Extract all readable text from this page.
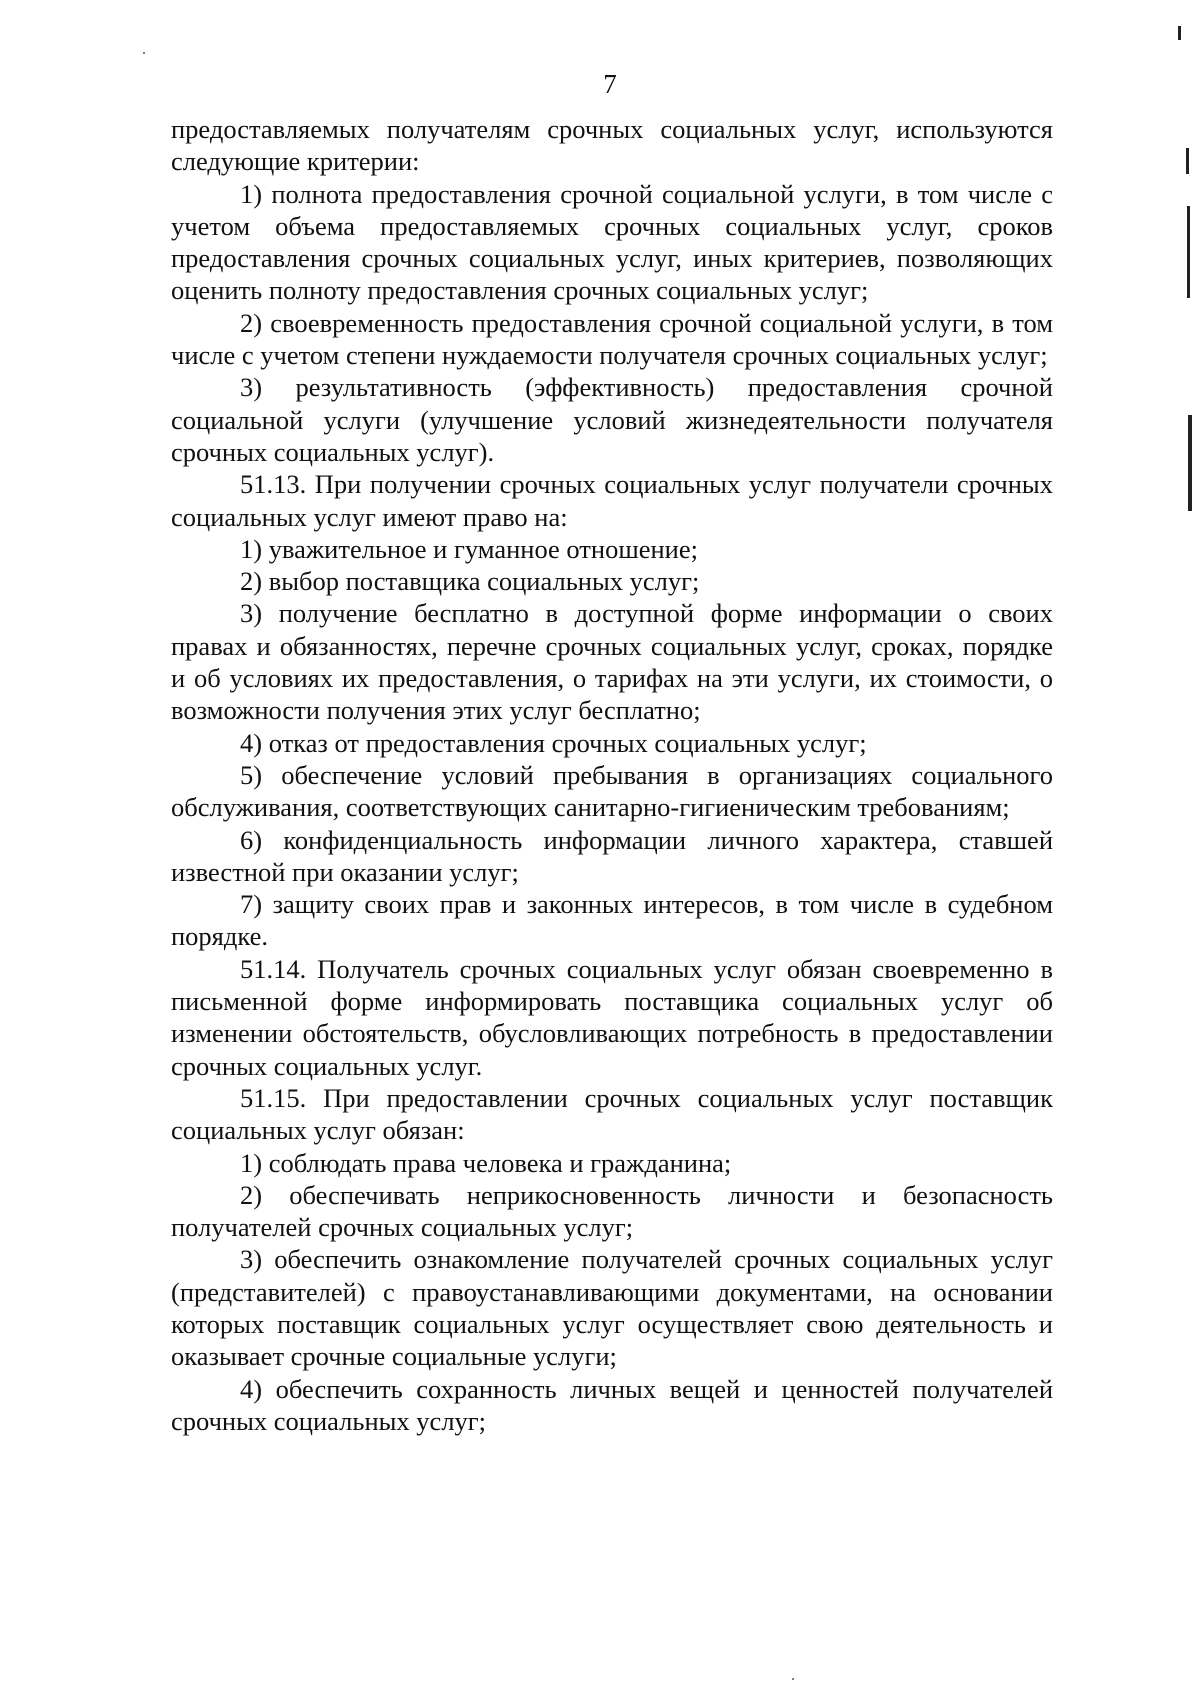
7

предоставляемых получателям срочных социальных услуг, используются следующие критерии:

1) полнота предоставления срочной социальной услуги, в том числе с учетом объема предоставляемых срочных социальных услуг, сроков предоставления срочных социальных услуг, иных критериев, позволяющих оценить полноту предоставления срочных социальных услуг;

2) своевременность предоставления срочной социальной услуги, в том числе с учетом степени нуждаемости получателя срочных социальных услуг;

3) результативность (эффективность) предоставления срочной социальной услуги (улучшение условий жизнедеятельности получателя срочных социальных услуг).

51.13. При получении срочных социальных услуг получатели срочных социальных услуг имеют право на:

1) уважительное и гуманное отношение;

2) выбор поставщика социальных услуг;

3) получение бесплатно в доступной форме информации о своих правах и обязанностях, перечне срочных социальных услуг, сроках, порядке и об условиях их предоставления, о тарифах на эти услуги, их стоимости, о возможности получения этих услуг бесплатно;

4) отказ от предоставления срочных социальных услуг;

5) обеспечение условий пребывания в организациях социального обслуживания, соответствующих санитарно-гигиеническим требованиям;

6) конфиденциальность информации личного характера, ставшей известной при оказании услуг;

7) защиту своих прав и законных интересов, в том числе в судебном порядке.

51.14. Получатель срочных социальных услуг обязан своевременно в письменной форме информировать поставщика социальных услуг об изменении обстоятельств, обусловливающих потребность в предоставлении срочных социальных услуг.

51.15. При предоставлении срочных социальных услуг поставщик социальных услуг обязан:

1) соблюдать права человека и гражданина;

2) обеспечивать неприкосновенность личности и безопасность получателей срочных социальных услуг;

3) обеспечить ознакомление получателей срочных социальных услуг (представителей) с правоустанавливающими документами, на основании которых поставщик социальных услуг осуществляет свою деятельность и оказывает срочные социальные услуги;

4) обеспечить сохранность личных вещей и ценностей получателей срочных социальных услуг;
